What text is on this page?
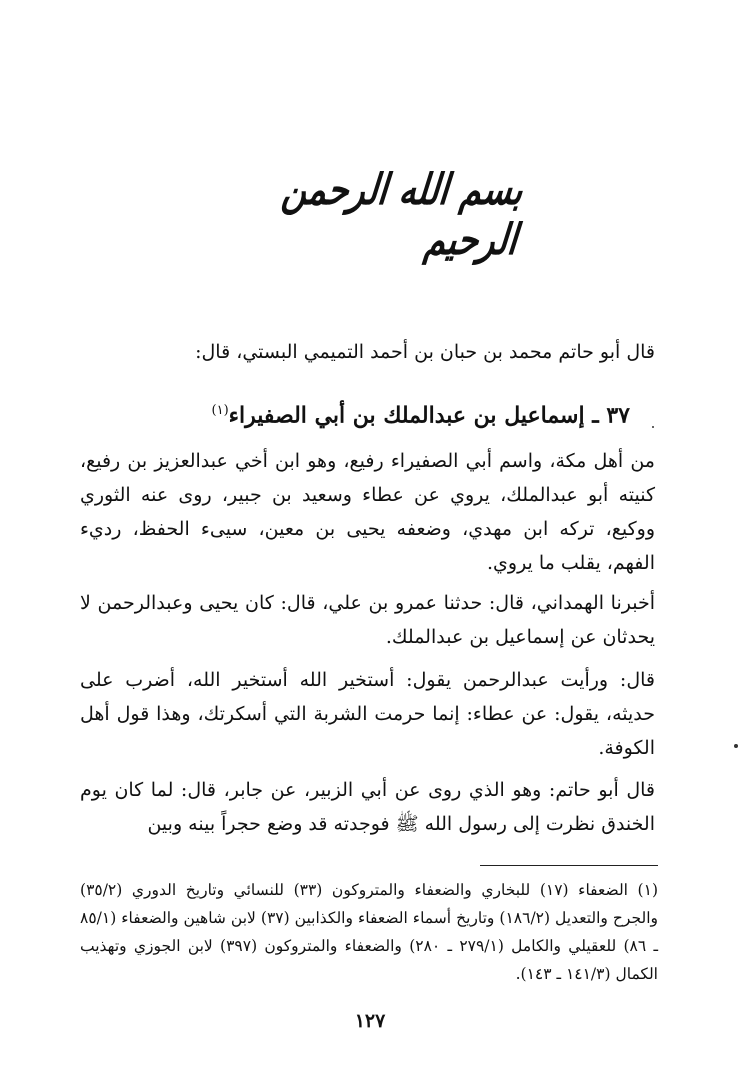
بسم الله الرحمن الرحيم
قال أبو حاتم محمد بن حبان بن أحمد التميمي البستي، قال:
٣٧ ـ إسماعيل بن عبدالملك بن أبي الصفيراء$^{(١)}$
من أهل مكة، واسم أبي الصفيراء رفيع، وهو ابن أخي عبدالعزيز بن رفيع، كنيته أبو عبدالملك، يروي عن عطاء وسعيد بن جبير، روى عنه الثوري ووكيع، تركه ابن مهدي، وضعفه يحيى بن معين، سيىء الحفظ، رديء الفهم، يقلب ما يروي.
أخبرنا الهمداني، قال: حدثنا عمرو بن علي، قال: كان يحيى وعبدالرحمن لا يحدثان عن إسماعيل بن عبدالملك.
قال: ورأيت عبدالرحمن يقول: أستخير الله أستخير الله، أضرب على حديثه، يقول: عن عطاء: إنما حرمت الشربة التي أسكرتك، وهذا قول أهل الكوفة.
قال أبو حاتم: وهو الذي روى عن أبي الزبير، عن جابر، قال: لما كان يوم الخندق نظرت إلى رسول الله ﷺ فوجدته قد وضع حجراً بينه وبين
(١) الضعفاء (١٧) للبخاري والضعفاء والمتروكون (٣٣) للنسائي وتاريخ الدوري (٣٥/٢) والجرح والتعديل (١٨٦/٢) وتاريخ أسماء الضعفاء والكذابين (٣٧) لابن شاهين والضعفاء (٨٥/١ ـ ٨٦) للعقيلي والكامل (٢٧٩/١ ـ ٢٨٠) والضعفاء والمتروكون (٣٩٧) لابن الجوزي وتهذيب الكمال (١٤١/٣ ـ ١٤٣).
١٢٧
